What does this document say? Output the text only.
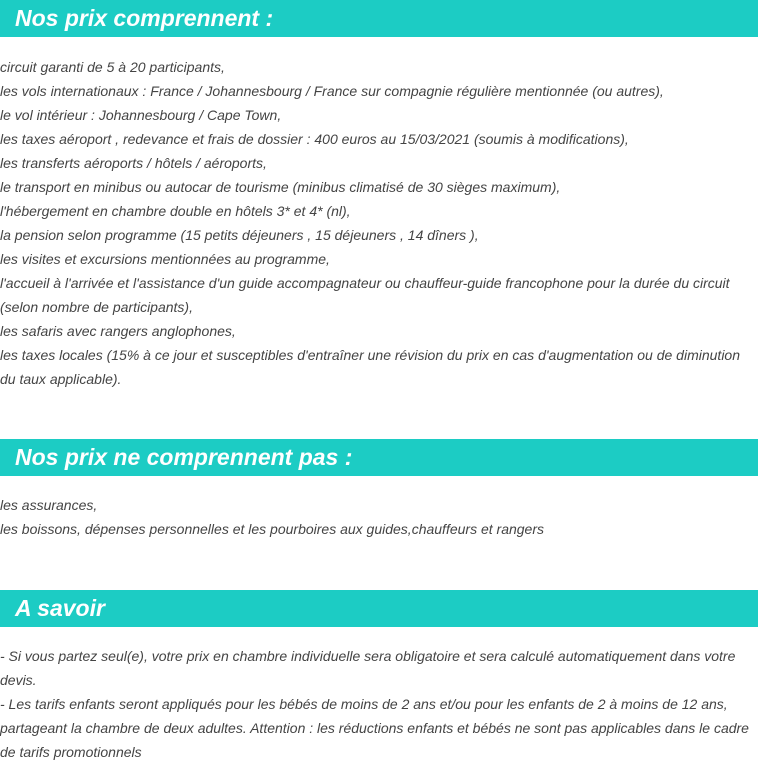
Nos prix comprennent :
circuit garanti de 5 à 20 participants,
les vols internationaux : France / Johannesbourg / France sur compagnie régulière mentionnée (ou autres),
le vol intérieur : Johannesbourg / Cape Town,
les taxes aéroport , redevance et frais de dossier : 400 euros au 15/03/2021 (soumis à modifications),
les transferts aéroports / hôtels / aéroports,
le transport en minibus ou autocar de tourisme (minibus climatisé de 30 sièges maximum),
l'hébergement en chambre double en hôtels 3* et 4* (nl),
la pension selon programme (15 petits déjeuners , 15 déjeuners , 14 dîners ),
les visites et excursions mentionnées au programme,
l'accueil à l'arrivée et l'assistance d'un guide accompagnateur ou chauffeur-guide francophone pour la durée du circuit (selon nombre de participants),
les safaris avec rangers anglophones,
les taxes locales (15% à ce jour et susceptibles d'entraîner une révision du prix en cas d'augmentation ou de diminution du taux applicable).
Nos prix ne comprennent pas :
les assurances,
les boissons, dépenses personnelles et les pourboires aux guides,chauffeurs et rangers
A savoir
- Si vous partez seul(e), votre prix en chambre individuelle sera obligatoire et sera calculé automatiquement dans votre devis.
- Les tarifs enfants seront appliqués pour les bébés de moins de 2 ans et/ou pour les enfants de 2 à moins de 12 ans, partageant la chambre de deux adultes. Attention : les réductions enfants et bébés ne sont pas applicables dans le cadre de tarifs promotionnels
